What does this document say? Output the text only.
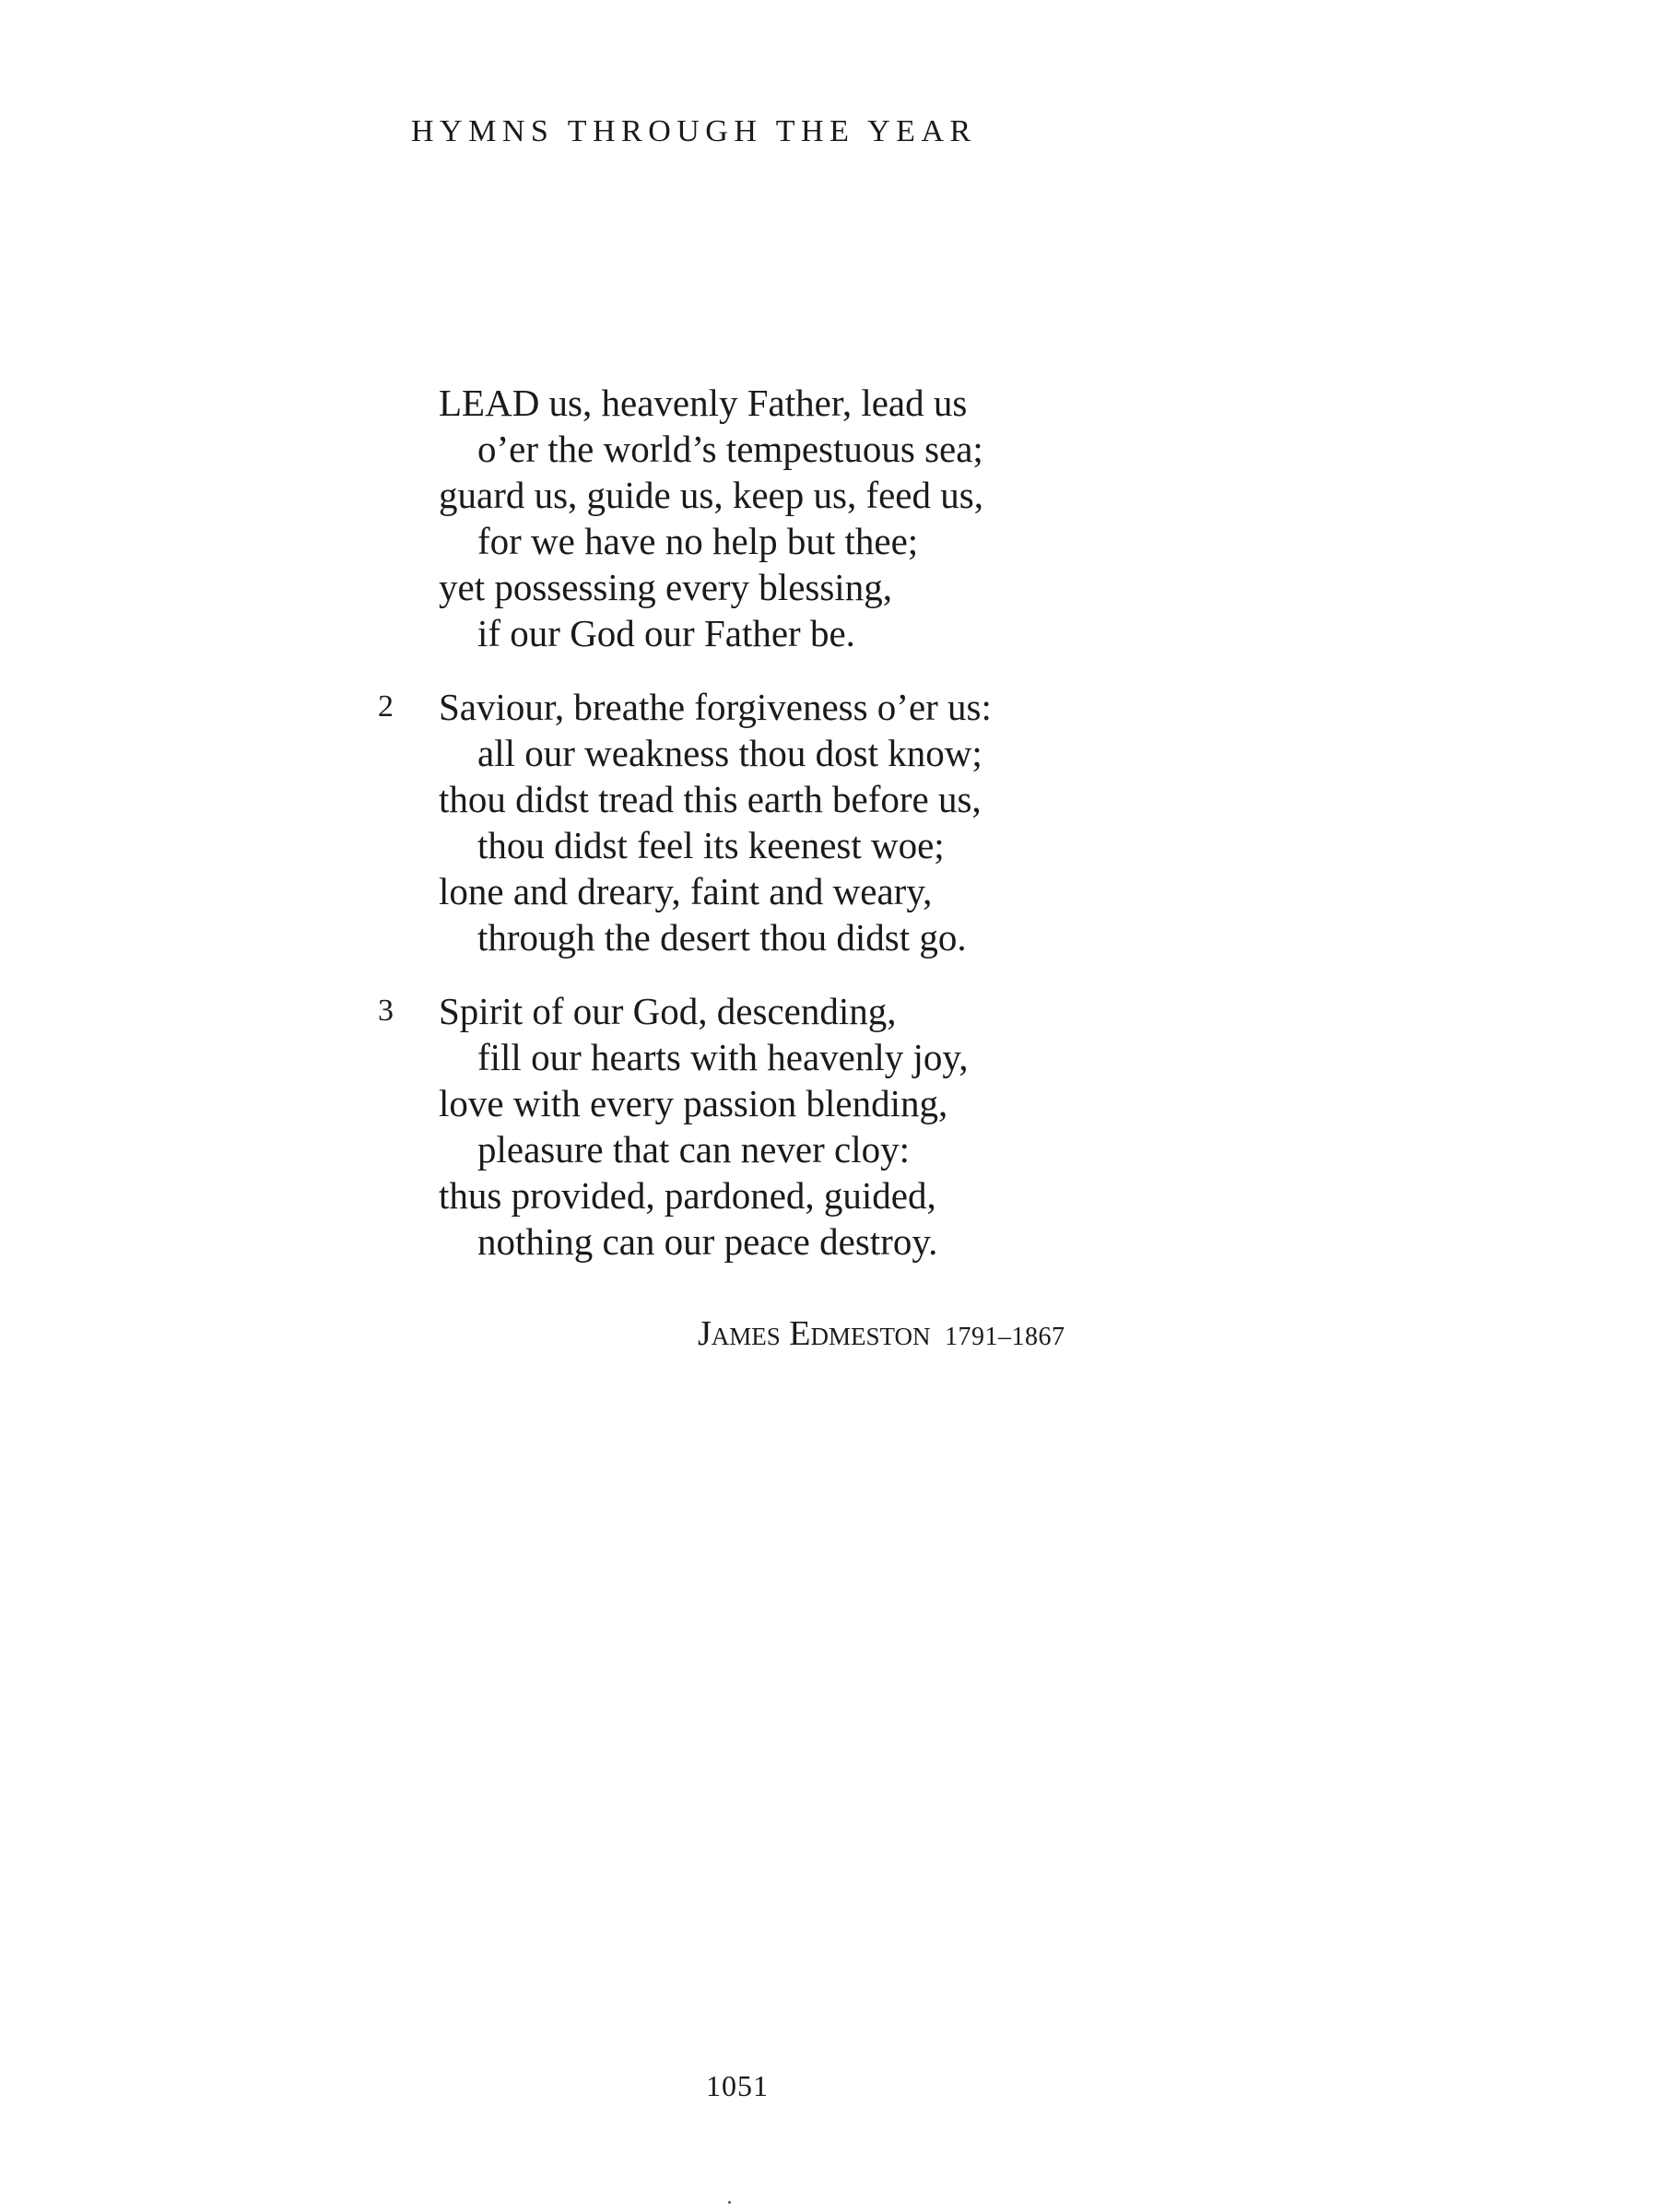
HYMNS THROUGH THE YEAR
LEAD us, heavenly Father, lead us
o’er the world’s tempestuous sea;
guard us, guide us, keep us, feed us,
for we have no help but thee;
yet possessing every blessing,
if our God our Father be.
2	Saviour, breathe forgiveness o’er us:
all our weakness thou dost know;
thou didst tread this earth before us,
thou didst feel its keenest woe;
lone and dreary, faint and weary,
through the desert thou didst go.
3	Spirit of our God, descending,
fill our hearts with heavenly joy,
love with every passion blending,
pleasure that can never cloy:
thus provided, pardoned, guided,
nothing can our peace destroy.
James Edmeston 1791–1867
1051
